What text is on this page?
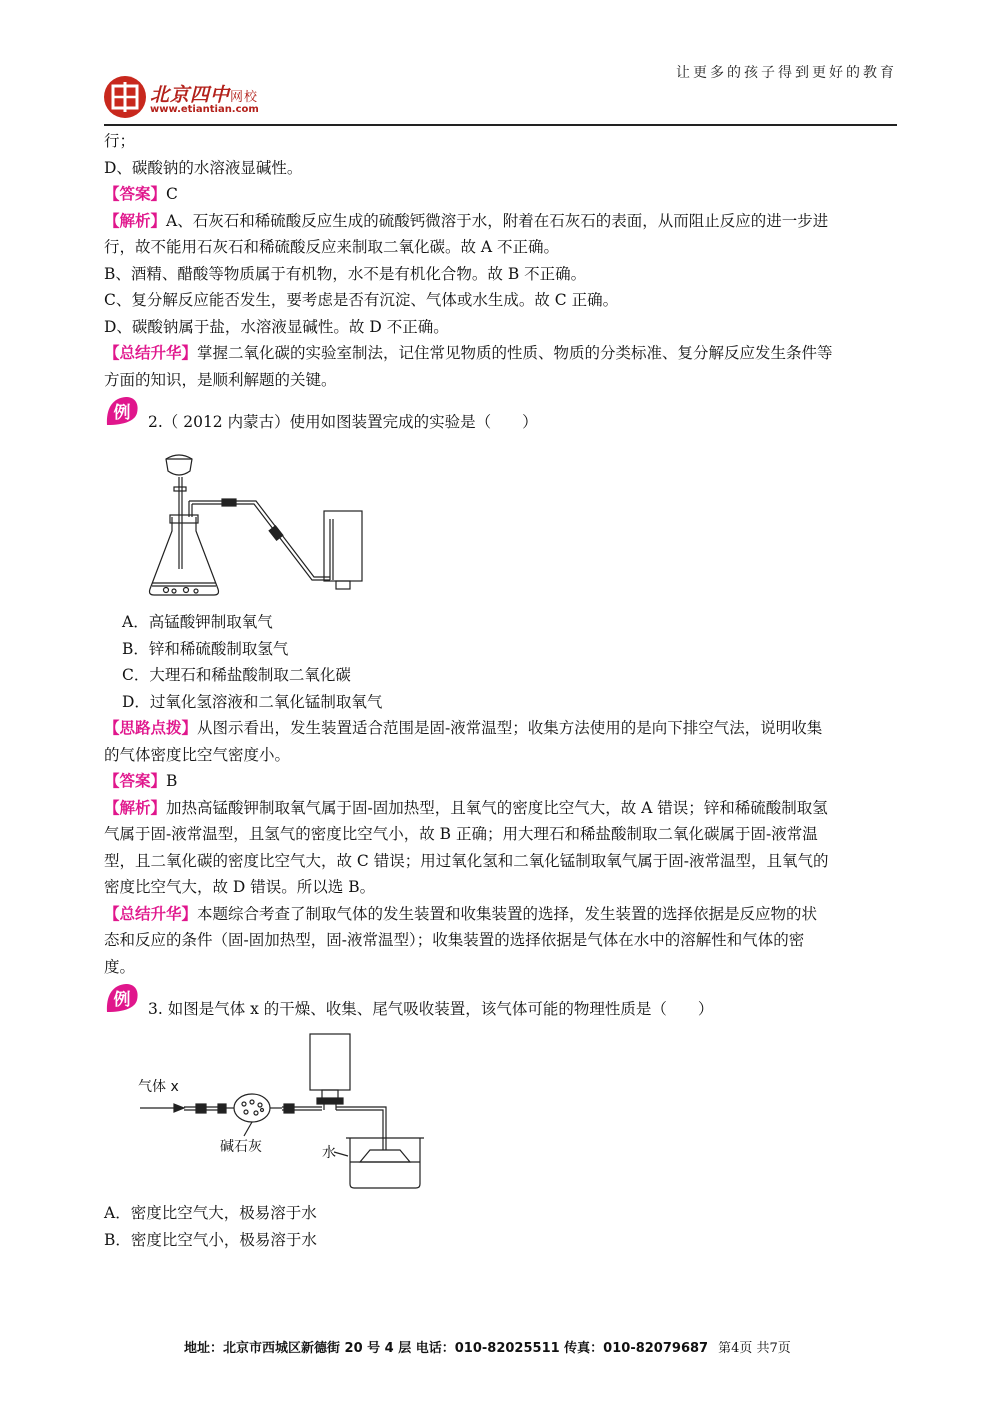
让更多的孩子得到更好的教育
北京四中网校
www.etiantian.com
行；
D、碳酸钠的水溶液显碱性。
【答案】C
【解析】A、石灰石和稀硫酸反应生成的硫酸钙微溶于水，附着在石灰石的表面，从而阻止反应的进一步进
行，故不能用石灰石和稀硫酸反应来制取二氧化碳。故 A 不正确。
B、酒精、醋酸等物质属于有机物，水不是有机化合物。故 B 不正确。
C、复分解反应能否发生，要考虑是否有沉淀、气体或水生成。故 C 正确。
D、碳酸钠属于盐，水溶液显碱性。故 D 不正确。
【总结升华】掌握二氧化碳的实验室制法，记住常见物质的性质、物质的分类标准、复分解反应发生条件等
方面的知识，是顺利解题的关键。
例 2.（ 2012 内蒙古）使用如图装置完成的实验是（　　）
A．高锰酸钾制取氧气
B．锌和稀硫酸制取氢气
C．大理石和稀盐酸制取二氧化碳
D．过氧化氢溶液和二氧化锰制取氧气
【思路点拨】从图示看出，发生装置适合范围是固-液常温型；收集方法使用的是向下排空气法，说明收集
的气体密度比空气密度小。
【答案】B
【解析】加热高锰酸钾制取氧气属于固-固加热型，且氧气的密度比空气大，故 A 错误；锌和稀硫酸制取氢
气属于固-液常温型，且氢气的密度比空气小，故 B 正确；用大理石和稀盐酸制取二氧化碳属于固-液常温
型，且二氧化碳的密度比空气大，故 C 错误；用过氧化氢和二氧化锰制取氧气属于固-液常温型，且氧气的
密度比空气大，故 D 错误。所以选 B。
【总结升华】本题综合考查了制取气体的发生装置和收集装置的选择，发生装置的选择依据是反应物的状
态和反应的条件（固-固加热型，固-液常温型）；收集装置的选择依据是气体在水中的溶解性和气体的密
度。
例 3. 如图是气体 x 的干燥、收集、尾气吸收装置，该气体可能的物理性质是（　　）
气体 x
碱石灰	水
A．密度比空气大，极易溶于水
B．密度比空气小，极易溶于水
地址：北京市西城区新德街 20 号 4 层 电话：010-82025511 传真：010-82079687 第4页 共7页
